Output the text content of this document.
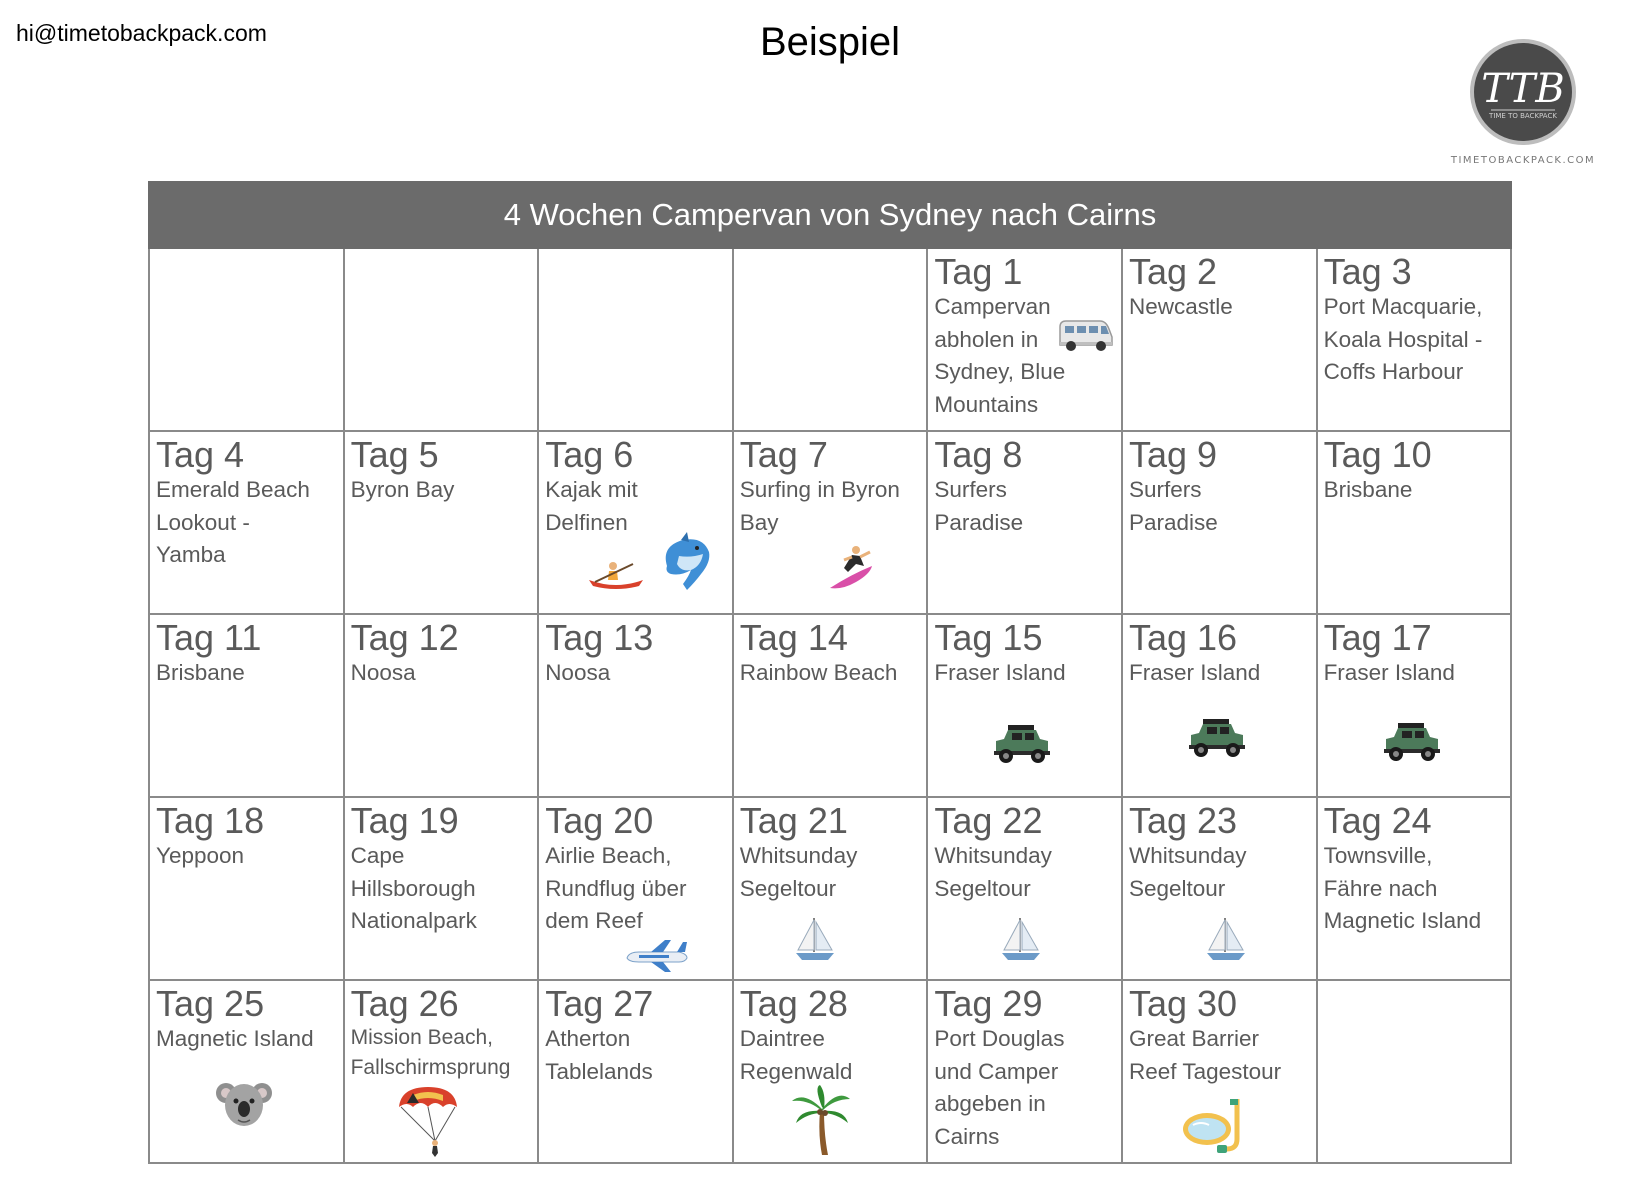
hi@timetobackpack.com	Beispiel
TTB
TIME TO BACKPACK
TIMETOBACKPACK.COM
4 Wochen Campervan von Sydney nach Cairns						

				Tag 1
Campervan
abholen in
Sydney, Blue
Mountains	Tag 2
Newcastle	Tag 3
Port Macquarie,
Koala Hospital -
Coffs Harbour

Tag 4
Emerald Beach
Lookout -
Yamba	Tag 5
Byron Bay	Tag 6
Kajak mit
Delfinen	Tag 7
Surfing in Byron
Bay	Tag 8
Surfers
Paradise	Tag 9
Surfers
Paradise	Tag 10
Brisbane

Tag 11
Brisbane	Tag 12
Noosa	Tag 13
Noosa	Tag 14
Rainbow Beach	Tag 15
Fraser Island	Tag 16
Fraser Island	Tag 17
Fraser Island

Tag 18
Yeppoon	Tag 19
Cape
Hillsborough
Nationalpark	Tag 20
Airlie Beach,
Rundflug über
dem Reef	Tag 21
Whitsunday
Segeltour	Tag 22
Whitsunday
Segeltour	Tag 23
Whitsunday
Segeltour	Tag 24
Townsville,
Fähre nach
Magnetic Island

Tag 25
Magnetic Island	Tag 26
Mission Beach,
Fallschirmsprung	Tag 27
Atherton
Tablelands	Tag 28
Daintree
Regenwald	Tag 29
Port Douglas
und Camper
abgeben in
Cairns	Tag 30
Great Barrier
Reef Tagestour	
